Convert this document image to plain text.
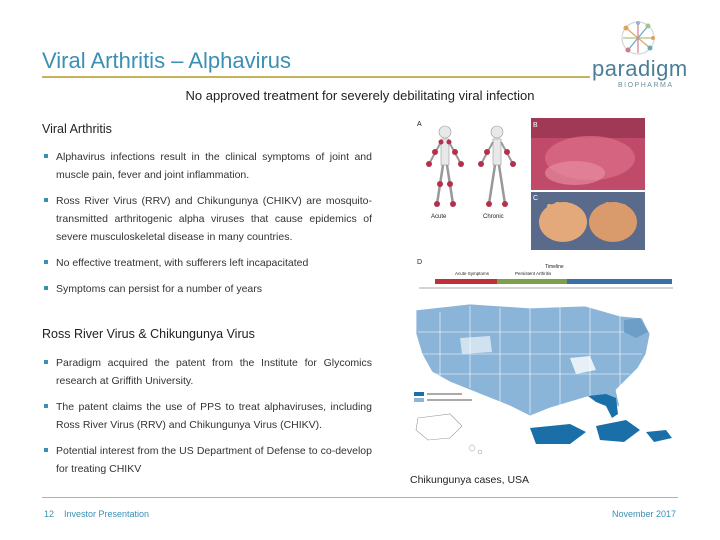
Viral Arthritis – Alphavirus	paradigm
BIOPHARMA
No approved treatment for severely debilitating viral infection
Viral Arthritis
Alphavirus infections result in the clinical symptoms of joint and muscle pain, fever and joint inflammation.
Ross River Virus (RRV) and Chikungunya (CHIKV) are mosquito-transmitted arthritogenic alpha viruses that cause epidemics of severe musculoskeletal disease in many countries.
No effective treatment, with sufferers left incapacitated
Symptoms can persist for a number of years
Ross River Virus & Chikungunya Virus
Paradigm acquired the patent from the Institute for Glycomics research at Griffith University.
The patent claims the use of PPS to treat alphaviruses, including Ross River Virus (RRV) and Chikungunya Virus (CHIKV).
Potential interest from the US Department of Defense to co-develop for treating CHIKV
A
Acute	Chronic
B
C
D
Timeline
Acute Symptoms	Persistent Arthritis
Chikungunya cases, USA
12 Investor Presentation	November 2017
